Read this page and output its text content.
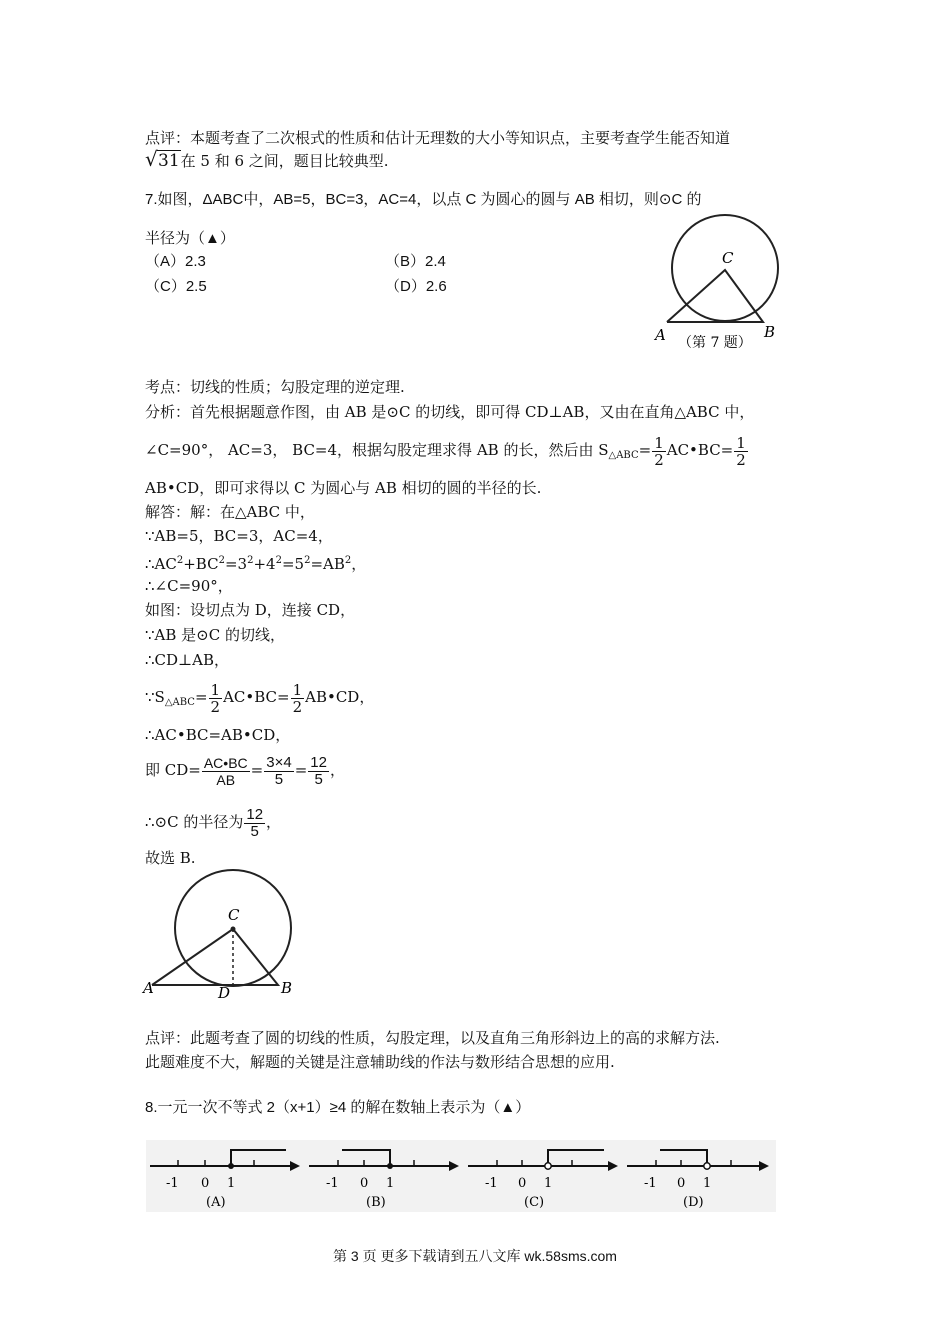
点评：本题考查了二次根式的性质和估计无理数的大小等知识点，主要考查学生能否知道
√ 31在 5 和 6 之间，题目比较典型.
7.如图，ΔABC中，AB=5，BC=3，AC=4，以点 C 为圆心的圆与 AB 相切，则⊙C 的
半径为（▲）
（A）2.3	（B）2.4
（C）2.5	（D）2.6
C
A	B
（第 7 题）
考点：切线的性质；勾股定理的逆定理.
分析：首先根据题意作图，由 AB 是⊙C 的切线，即可得 CD⊥AB，又由在直角△ABC 中，
∠C=90°， AC=3， BC=4，根据勾股定理求得 AB 的长，然后由 $S_{\triangle ABC}= \frac{1}{2}$ AC•BC= $\frac{1}{2}$
AB•CD，即可求得以 C 为圆心与 AB 相切的圆的半径的长.
解答：解：在△ABC 中，
∵AB=5，BC=3，AC=4，
$\therefore AC^2+BC^2=3^2+4^2=5^2=AB^2$，
∴∠C=90°，
如图：设切点为 D，连接 CD，
∵AB 是⊙C 的切线，
∴CD⊥AB，
$\because S_{\triangle ABC}= \frac{1}{2}$ AC•BC= $\frac{1}{2}$ AB•CD，
∴AC•BC=AB•CD，
即 $CD= \frac{AC•BC}{AB} = \frac{3\times 4}{5} = \frac{12}{5}$ ，
∴⊙C 的半径为 $\frac{12}{5}$ ，
故选 B.
C
A	D	B
点评：此题考查了圆的切线的性质，勾股定理，以及直角三角形斜边上的高的求解方法.
此题难度不大，解题的关键是注意辅助线的作法与数形结合思想的应用.
8.一元一次不等式 2（x+1）≥4 的解在数轴上表示为（▲）
-1 0 1
(A)
-1 0 1
(B)
-1 0 1
(C)
-1 0 1
(D)
第 3 页 更多下载请到五八文库 wk.58sms.com
